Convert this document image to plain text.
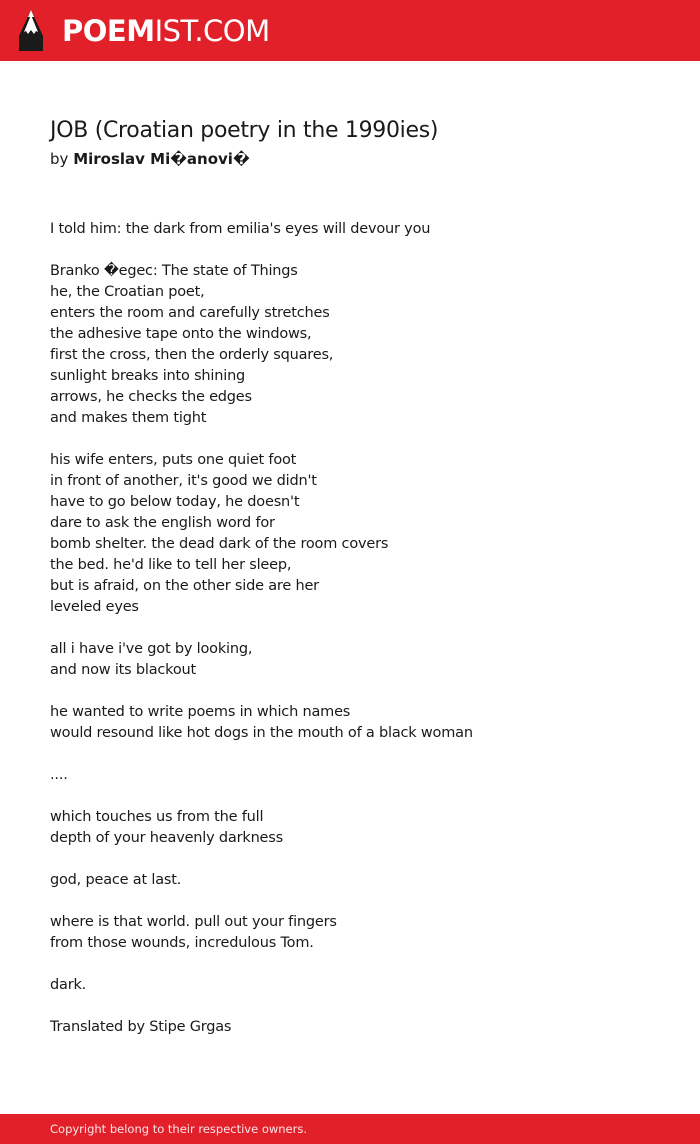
POEMIST.COM
JOB (Croatian poetry in the 1990ies)
by Miroslav Mi�anovi�
I told him: the dark from emilia's eyes will devour you
Branko �egec: The state of Things
he, the Croatian poet,
enters the room and carefully stretches
the adhesive tape onto the windows,
first the cross, then the orderly squares,
sunlight breaks into shining
arrows, he checks the edges
and makes them tight
his wife enters, puts one quiet foot
in front of another, it's good we didn't
have to go below today, he doesn't
dare to ask the english word for
bomb shelter. the dead dark of the room covers
the bed. he'd like to tell her sleep,
but is afraid, on the other side are her
leveled eyes
all i have i've got by looking,
and now its blackout
he wanted to write poems in which names
would resound like hot dogs in the mouth of a black woman
....
which touches us from the full
depth of your heavenly darkness
god, peace at last.
where is that world. pull out your fingers
from those wounds, incredulous Tom.
dark.
Translated by Stipe Grgas
Copyright belong to their respective owners.
